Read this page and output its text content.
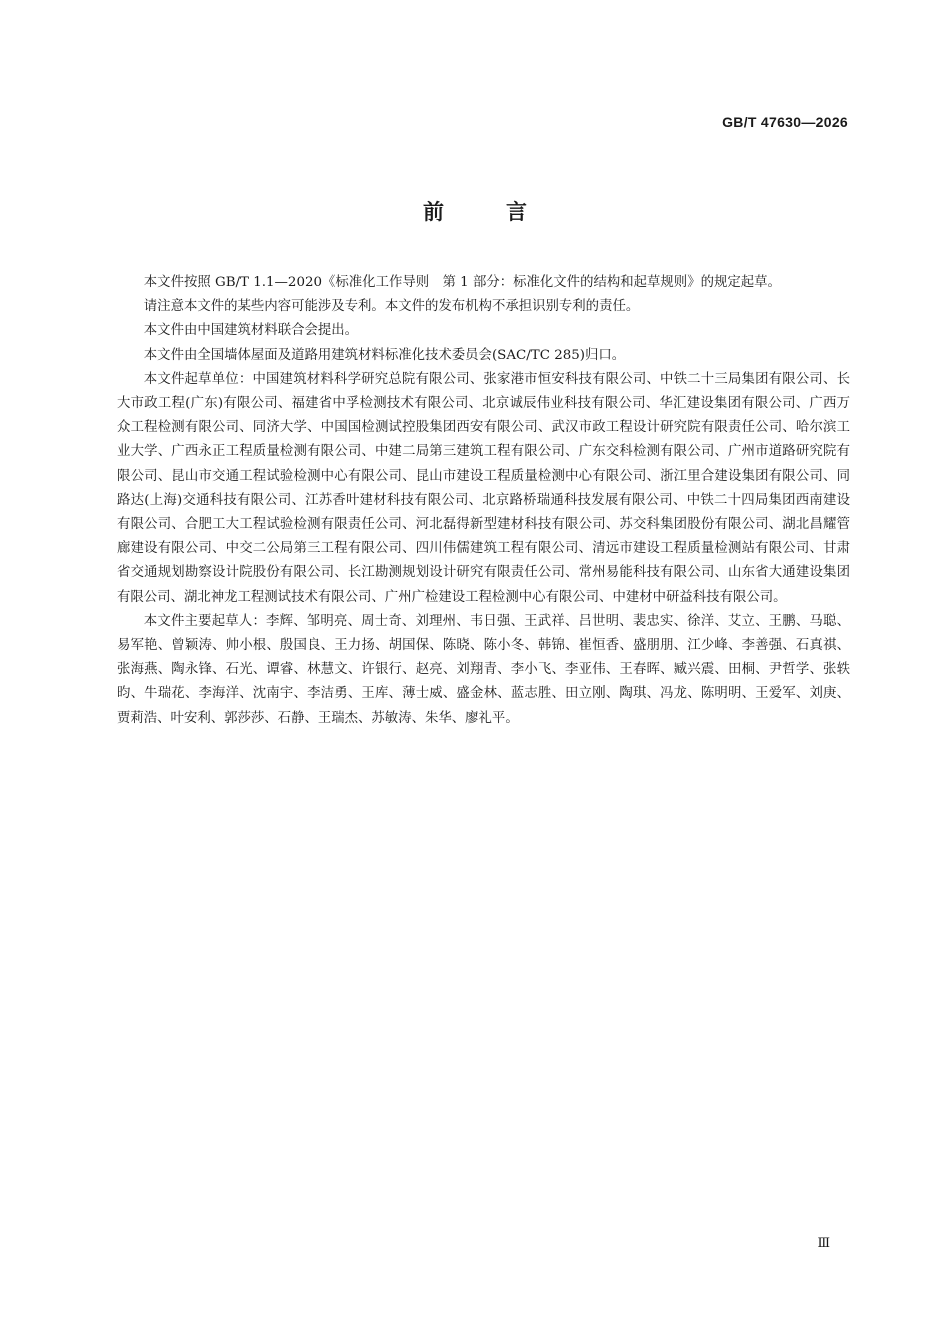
GB/T 47630—2026
前言

本文件按照 GB/T 1.1—2020《标准化工作导则　第 1 部分：标准化文件的结构和起草规则》的规定起草。

请注意本文件的某些内容可能涉及专利。本文件的发布机构不承担识别专利的责任。

本文件由中国建筑材料联合会提出。

本文件由全国墙体屋面及道路用建筑材料标准化技术委员会(SAC/TC 285)归口。

本文件起草单位：中国建筑材料科学研究总院有限公司、张家港市恒安科技有限公司、中铁二十三局集团有限公司、长大市政工程(广东)有限公司、福建省中孚检测技术有限公司、北京诚辰伟业科技有限公司、华汇建设集团有限公司、广西万众工程检测有限公司、同济大学、中国国检测试控股集团西安有限公司、武汉市政工程设计研究院有限责任公司、哈尔滨工业大学、广西永正工程质量检测有限公司、中建二局第三建筑工程有限公司、广东交科检测有限公司、广州市道路研究院有限公司、昆山市交通工程试验检测中心有限公司、昆山市建设工程质量检测中心有限公司、浙江里合建设集团有限公司、同路达(上海)交通科技有限公司、江苏香叶建材科技有限公司、北京路桥瑞通科技发展有限公司、中铁二十四局集团西南建设有限公司、合肥工大工程试验检测有限责任公司、河北磊得新型建材科技有限公司、苏交科集团股份有限公司、湖北昌耀管廊建设有限公司、中交二公局第三工程有限公司、四川伟儒建筑工程有限公司、清远市建设工程质量检测站有限公司、甘肃省交通规划勘察设计院股份有限公司、长江勘测规划设计研究有限责任公司、常州易能科技有限公司、山东省大通建设集团有限公司、湖北神龙工程测试技术有限公司、广州广检建设工程检测中心有限公司、中建材中研益科技有限公司。

本文件主要起草人：李辉、邹明亮、周士奇、刘理州、韦日强、王武祥、吕世明、裴忠实、徐洋、艾立、王鹏、马聪、易军艳、曾颖涛、帅小根、殷国良、王力扬、胡国保、陈晓、陈小冬、韩锦、崔恒香、盛朋朋、江少峰、李善强、石真祺、张海燕、陶永锋、石光、谭睿、林慧文、许银行、赵亮、刘翔青、李小飞、李亚伟、王春晖、臧兴震、田桐、尹哲学、张轶昀、牛瑞花、李海洋、沈南宇、李洁勇、王库、薄士威、盛金林、蓝志胜、田立刚、陶琪、冯龙、陈明明、王爱军、刘庚、贾莉浩、叶安利、郭莎莎、石静、王瑞杰、苏敏涛、朱华、廖礼平。

Ⅲ
